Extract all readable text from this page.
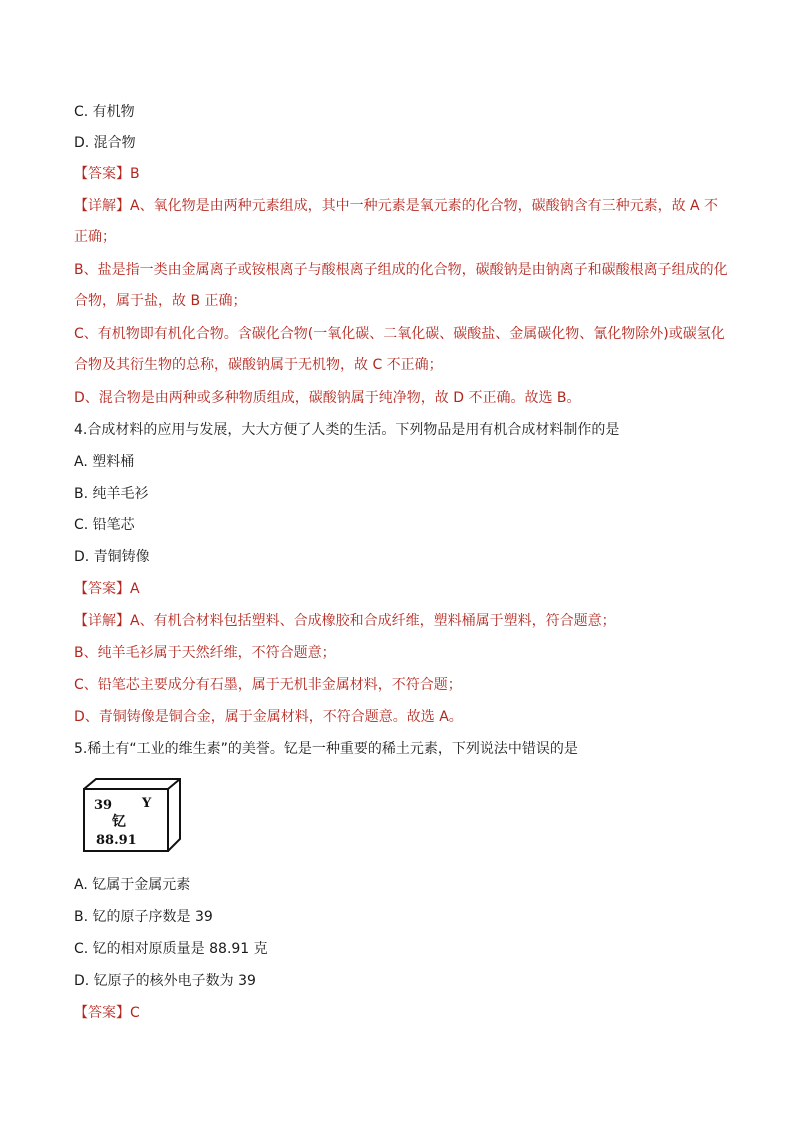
C. 有机物
D. 混合物
【答案】B
【详解】A、氧化物是由两种元素组成，其中一种元素是氧元素的化合物，碳酸钠含有三种元素，故 A 不
正确；
B、盐是指一类由金属离子或铵根离子与酸根离子组成的化合物，碳酸钠是由钠离子和碳酸根离子组成的化
合物，属于盐，故 B 正确；
C、有机物即有机化合物。含碳化合物(一氧化碳、二氧化碳、碳酸盐、金属碳化物、氰化物除外)或碳氢化
合物及其衍生物的总称，碳酸钠属于无机物，故 C 不正确；
D、混合物是由两种或多种物质组成，碳酸钠属于纯净物，故 D 不正确。故选 B。
4.合成材料的应用与发展，大大方便了人类的生活。下列物品是用有机合成材料制作的是
A. 塑料桶
B. 纯羊毛衫
C. 铅笔芯
D. 青铜铸像
【答案】A
【详解】A、有机合材料包括塑料、合成橡胶和合成纤维，塑料桶属于塑料，符合题意；
B、纯羊毛衫属于天然纤维，不符合题意；
C、铅笔芯主要成分有石墨，属于无机非金属材料，不符合题；
D、青铜铸像是铜合金，属于金属材料，不符合题意。故选 A。
5.稀土有“工业的维生素”的美誉。钇是一种重要的稀土元素，下列说法中错误的是
39 Y
钇
88.91
A. 钇属于金属元素
B. 钇的原子序数是 39
C. 钇的相对原质量是 88.91 克
D. 钇原子的核外电子数为 39
【答案】C
